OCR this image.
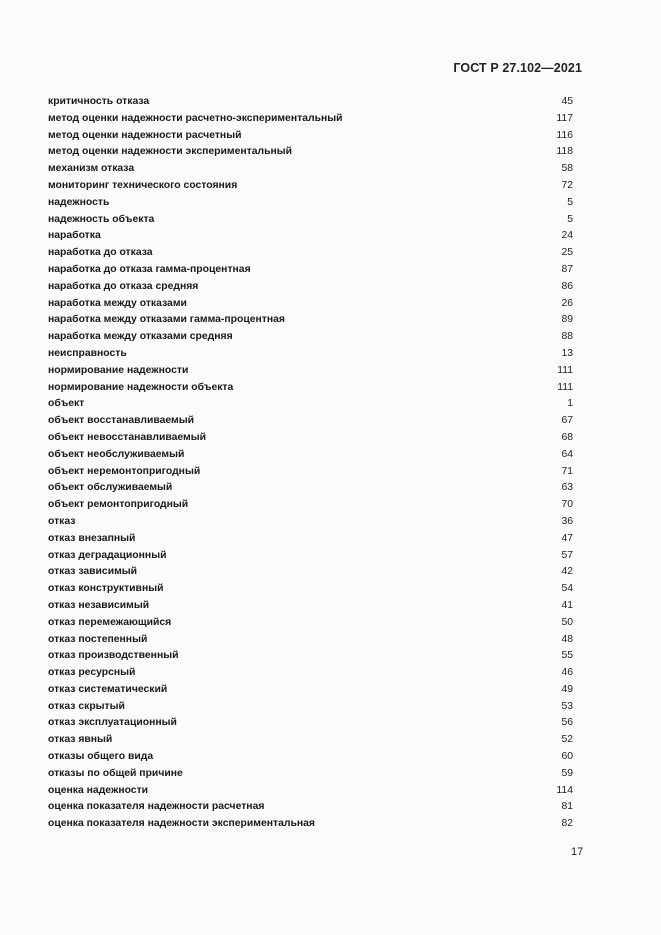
ГОСТ Р 27.102—2021
критичность отказа	45
метод оценки надежности расчетно-экспериментальный	117
метод оценки надежности расчетный	116
метод оценки надежности экспериментальный	118
механизм отказа	58
мониторинг технического состояния	72
надежность	5
надежность объекта	5
наработка	24
наработка до отказа	25
наработка до отказа гамма-процентная	87
наработка до отказа средняя	86
наработка между отказами	26
наработка между отказами гамма-процентная	89
наработка между отказами средняя	88
неисправность	13
нормирование надежности	111
нормирование надежности объекта	111
объект	1
объект восстанавливаемый	67
объект невосстанавливаемый	68
объект необслуживаемый	64
объект неремонтопригодный	71
объект обслуживаемый	63
объект ремонтопригодный	70
отказ	36
отказ внезапный	47
отказ деградационный	57
отказ зависимый	42
отказ конструктивный	54
отказ независимый	41
отказ перемежающийся	50
отказ постепенный	48
отказ производственный	55
отказ ресурсный	46
отказ систематический	49
отказ скрытый	53
отказ эксплуатационный	56
отказ явный	52
отказы общего вида	60
отказы по общей причине	59
оценка надежности	114
оценка показателя надежности расчетная	81
оценка показателя надежности экспериментальная	82
17
